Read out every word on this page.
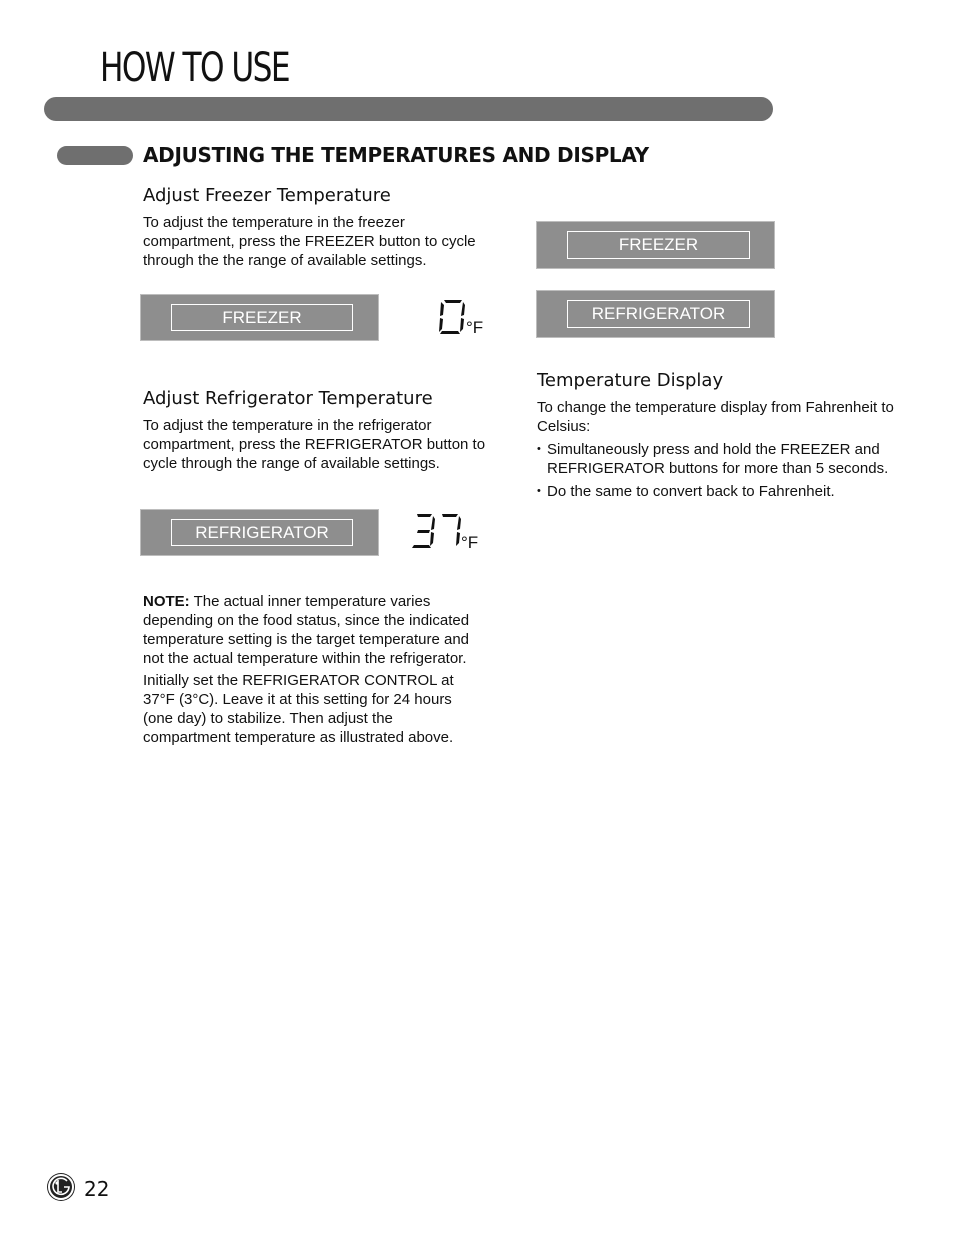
HOW TO USE
ADJUSTING THE TEMPERATURES AND DISPLAY
Adjust Freezer Temperature
To adjust the temperature in the freezer compartment, press the FREEZER button to cycle through the the range of available settings.
FREEZER
°F
Adjust Refrigerator Temperature
To adjust the temperature in the refrigerator compartment, press the REFRIGERATOR button to cycle through the range of available settings.
REFRIGERATOR
°F
NOTE: The actual inner temperature varies depending on the food status, since the indicated temperature setting is the target temperature and not the actual temperature within the refrigerator.
Initially set the REFRIGERATOR CONTROL at 37°F (3°C). Leave it at this setting for 24 hours (one day) to stabilize. Then adjust the compartment temperature as illustrated above.
FREEZER
REFRIGERATOR
Temperature Display
To change the temperature display from Fahrenheit to Celsius:
• Simultaneously press and hold the FREEZER and REFRIGERATOR buttons for more than 5 seconds.
• Do the same to convert back to Fahrenheit.
22
